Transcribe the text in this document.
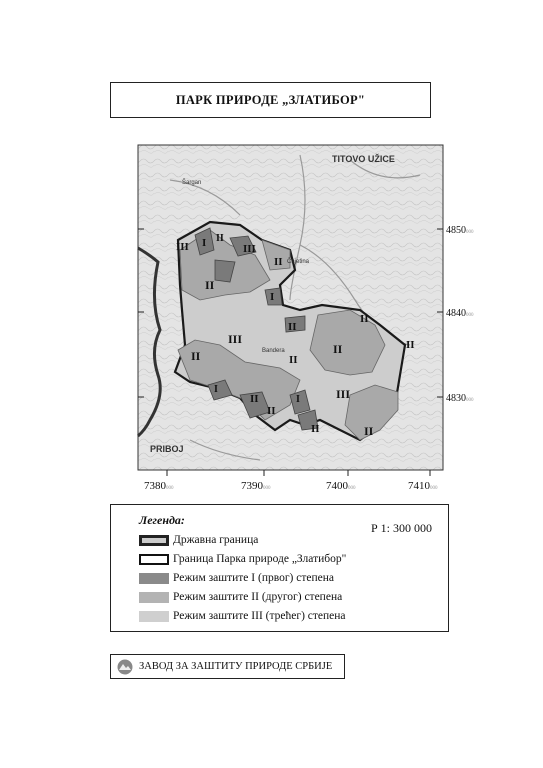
ПАРК ПРИРОДЕ „ЗЛАТИБОР"
TITOVO UŽICE
PRIBOJ
Čajetina
Šargan
Bandera
III I II
III
II
II
I
III
II
II
II
II
II
II
III
I
II
II
I
II	II
7380000	7390000	7400000	7410000
4850000
4840000
4830000
Легенда:
Р 1: 300 000
Државна граница
Граница Парка природе „Златибор"
Режим заштите I (првог) степена
Режим заштите II (другог) степена
Режим заштите III (трећег) степена
ЗАВОД ЗА ЗАШТИТУ ПРИРОДЕ СРБИЈЕ
